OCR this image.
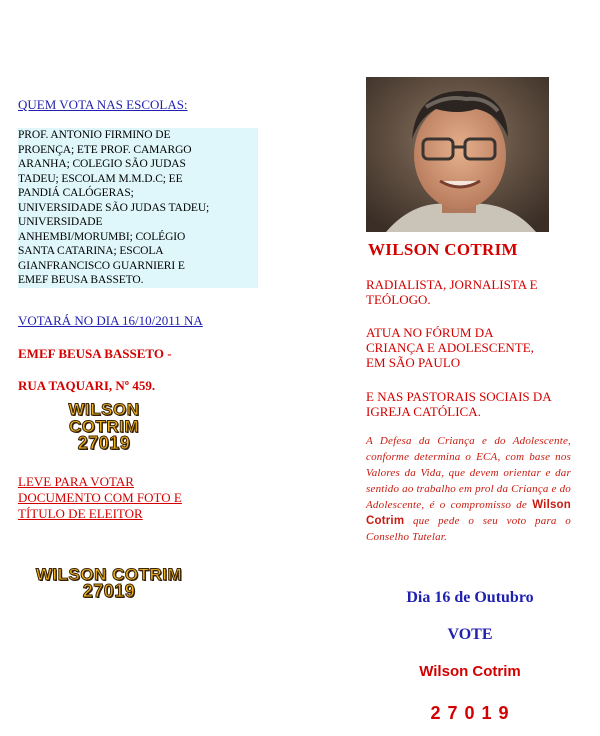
QUEM VOTA NAS ESCOLAS:
PROF. ANTONIO FIRMINO DE
PROENÇA; ETE PROF. CAMARGO
ARANHA; COLEGIO SÃO JUDAS
TADEU; ESCOLAM M.M.D.C; EE
PANDIÁ CALÓGERAS;
UNIVERSIDADE SÃO JUDAS TADEU;
UNIVERSIDADE
ANHEMBI/MORUMBI; COLÉGIO
SANTA CATARINA; ESCOLA
GIANFRANCISCO GUARNIERI E
EMEF BEUSA BASSETO.
VOTARÁ NO DIA 16/10/2011 NA
EMEF BEUSA BASSETO -
RUA TAQUARI, Nº 459.
WILSON COTRIM
27019
LEVE PARA VOTAR
DOCUMENTO COM FOTO E
TÍTULO DE ELEITOR
WILSON COTRIM
27019
WILSON COTRIM
RADIALISTA, JORNALISTA E
TEÓLOGO.
ATUA NO FÓRUM DA
CRIANÇA E ADOLESCENTE,
EM SÃO PAULO
E NAS PASTORAIS SOCIAIS DA
IGREJA CATÓLICA.
A Defesa da Criança e do Adolescente, conforme determina o ECA, com base nos Valores da Vida, que devem orientar e dar sentido ao trabalho em prol da Criança e do Adolescente, é o compromisso de Wilson Cotrim que pede o seu voto para o Conselho Tutelar.
Dia 16 de Outubro
VOTE
Wilson Cotrim
2 7 0 1 9
